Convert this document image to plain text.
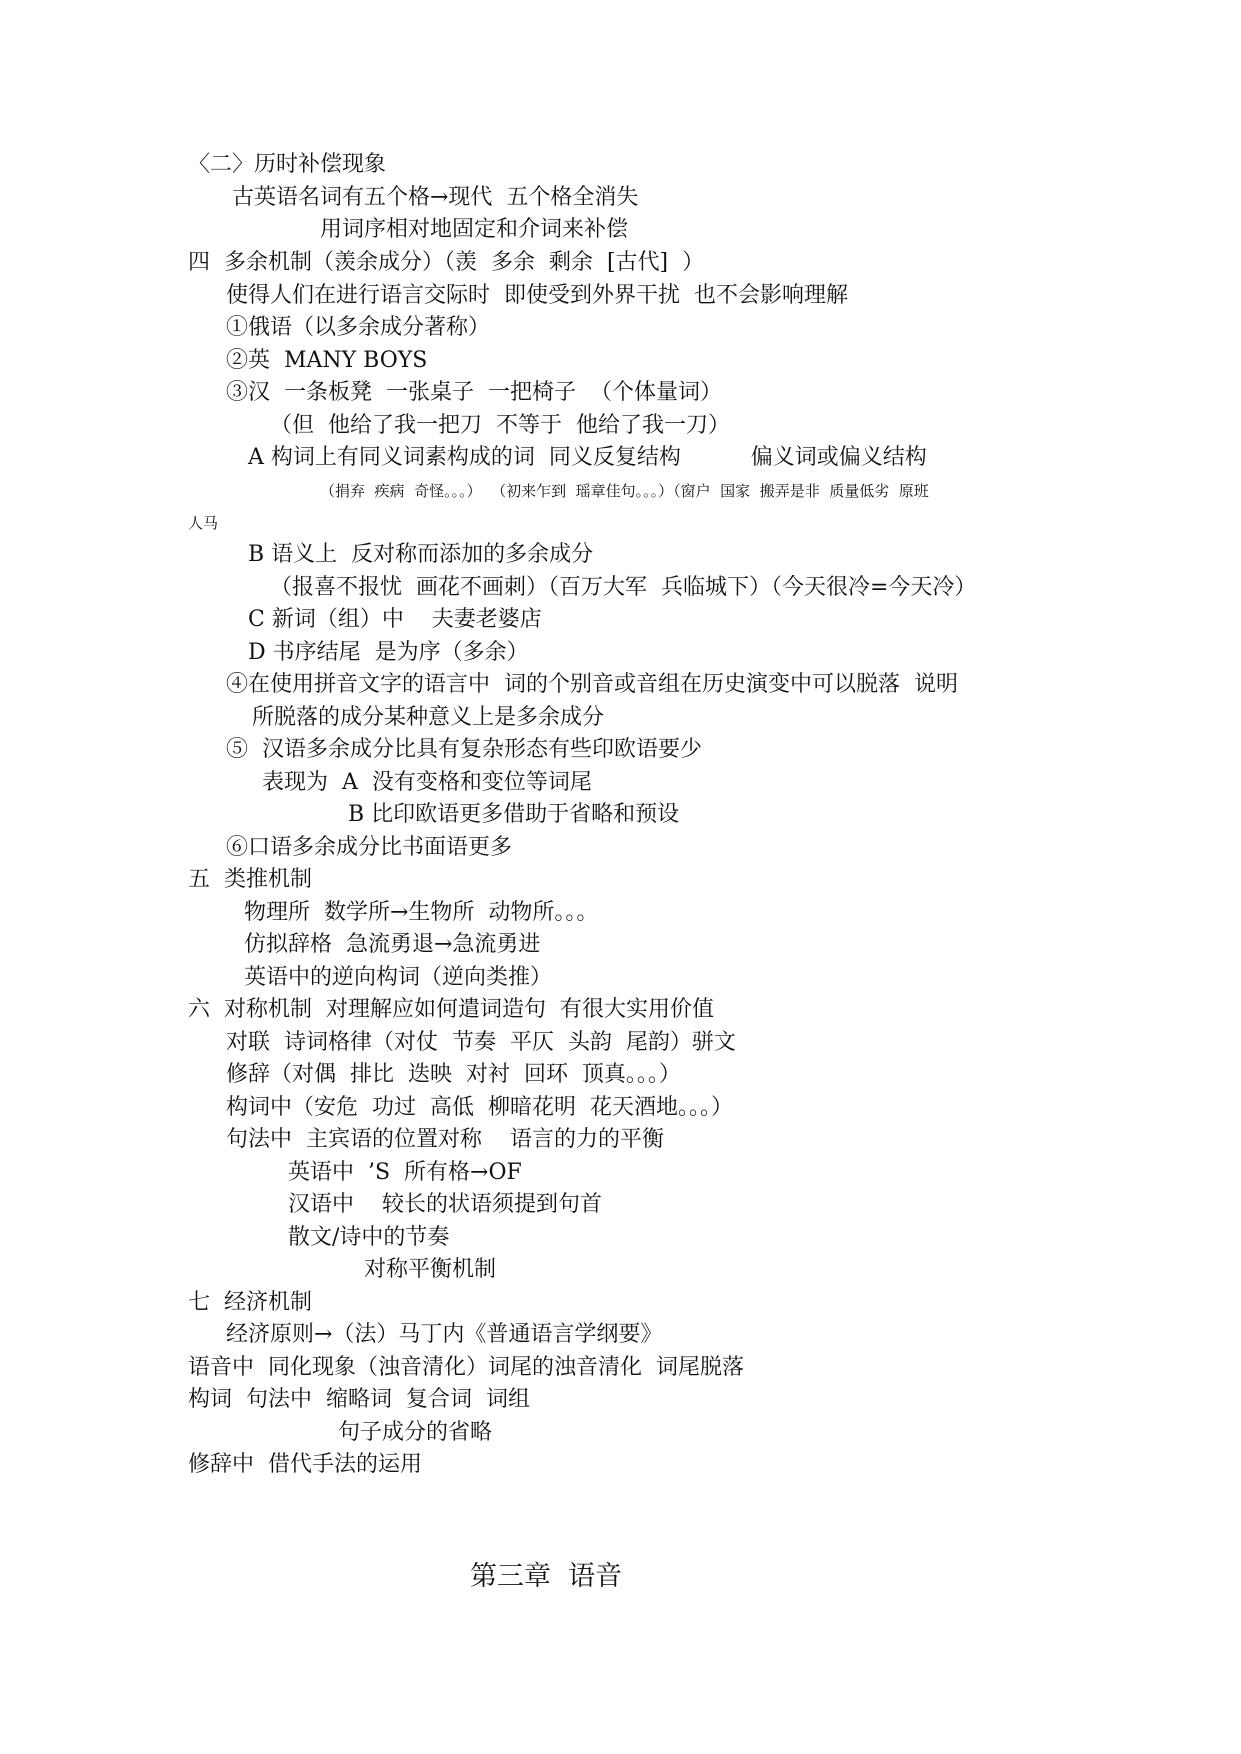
〈二〉历时补偿现象
古英语名词有五个格→现代  五个格全消失
用词序相对地固定和介词来补偿
四  多余机制（羡余成分）（羡  多余  剩余  [古代]  ）
使得人们在进行语言交际时  即使受到外界干扰  也不会影响理解
①俄语（以多余成分著称）
②英  MANY BOYS
③汉  一条板凳  一张桌子  一把椅子  （个体量词）
（但  他给了我一把刀  不等于  他给了我一刀）
A 构词上有同义词素构成的词  同义反复结构          偏义词或偏义结构
（捐弃  疾病  奇怪。。。）  （初来乍到  瑶章佳句。。。）（窗户  国家  搬弄是非  质量低劣  原班
人马
B 语义上  反对称而添加的多余成分
（报喜不报忧  画花不画刺）（百万大军  兵临城下）（今天很冷=今天冷）
C 新词（组）中    夫妻老婆店
D 书序结尾  是为序（多余）
④在使用拼音文字的语言中  词的个别音或音组在历史演变中可以脱落  说明
所脱落的成分某种意义上是多余成分
⑤  汉语多余成分比具有复杂形态有些印欧语要少
表现为  A  没有变格和变位等词尾
B 比印欧语更多借助于省略和预设
⑥口语多余成分比书面语更多
五  类推机制
物理所  数学所→生物所  动物所。。。
仿拟辞格  急流勇退→急流勇进
英语中的逆向构词（逆向类推）
六  对称机制  对理解应如何遣词造句  有很大实用价值
对联  诗词格律（对仗  节奏  平仄  头韵  尾韵）骈文
修辞（对偶  排比  迭映  对衬  回环  顶真。。。）
构词中（安危  功过  高低  柳暗花明  花天酒地。。。）
句法中  主宾语的位置对称    语言的力的平衡
英语中  ’S  所有格→OF
汉语中    较长的状语须提到句首
散文/诗中的节奏
对称平衡机制
七  经济机制
经济原则→（法）马丁内《普通语言学纲要》
语音中  同化现象（浊音清化）词尾的浊音清化  词尾脱落
构词  句法中  缩略词  复合词  词组
句子成分的省略
修辞中  借代手法的运用
第三章  语音
